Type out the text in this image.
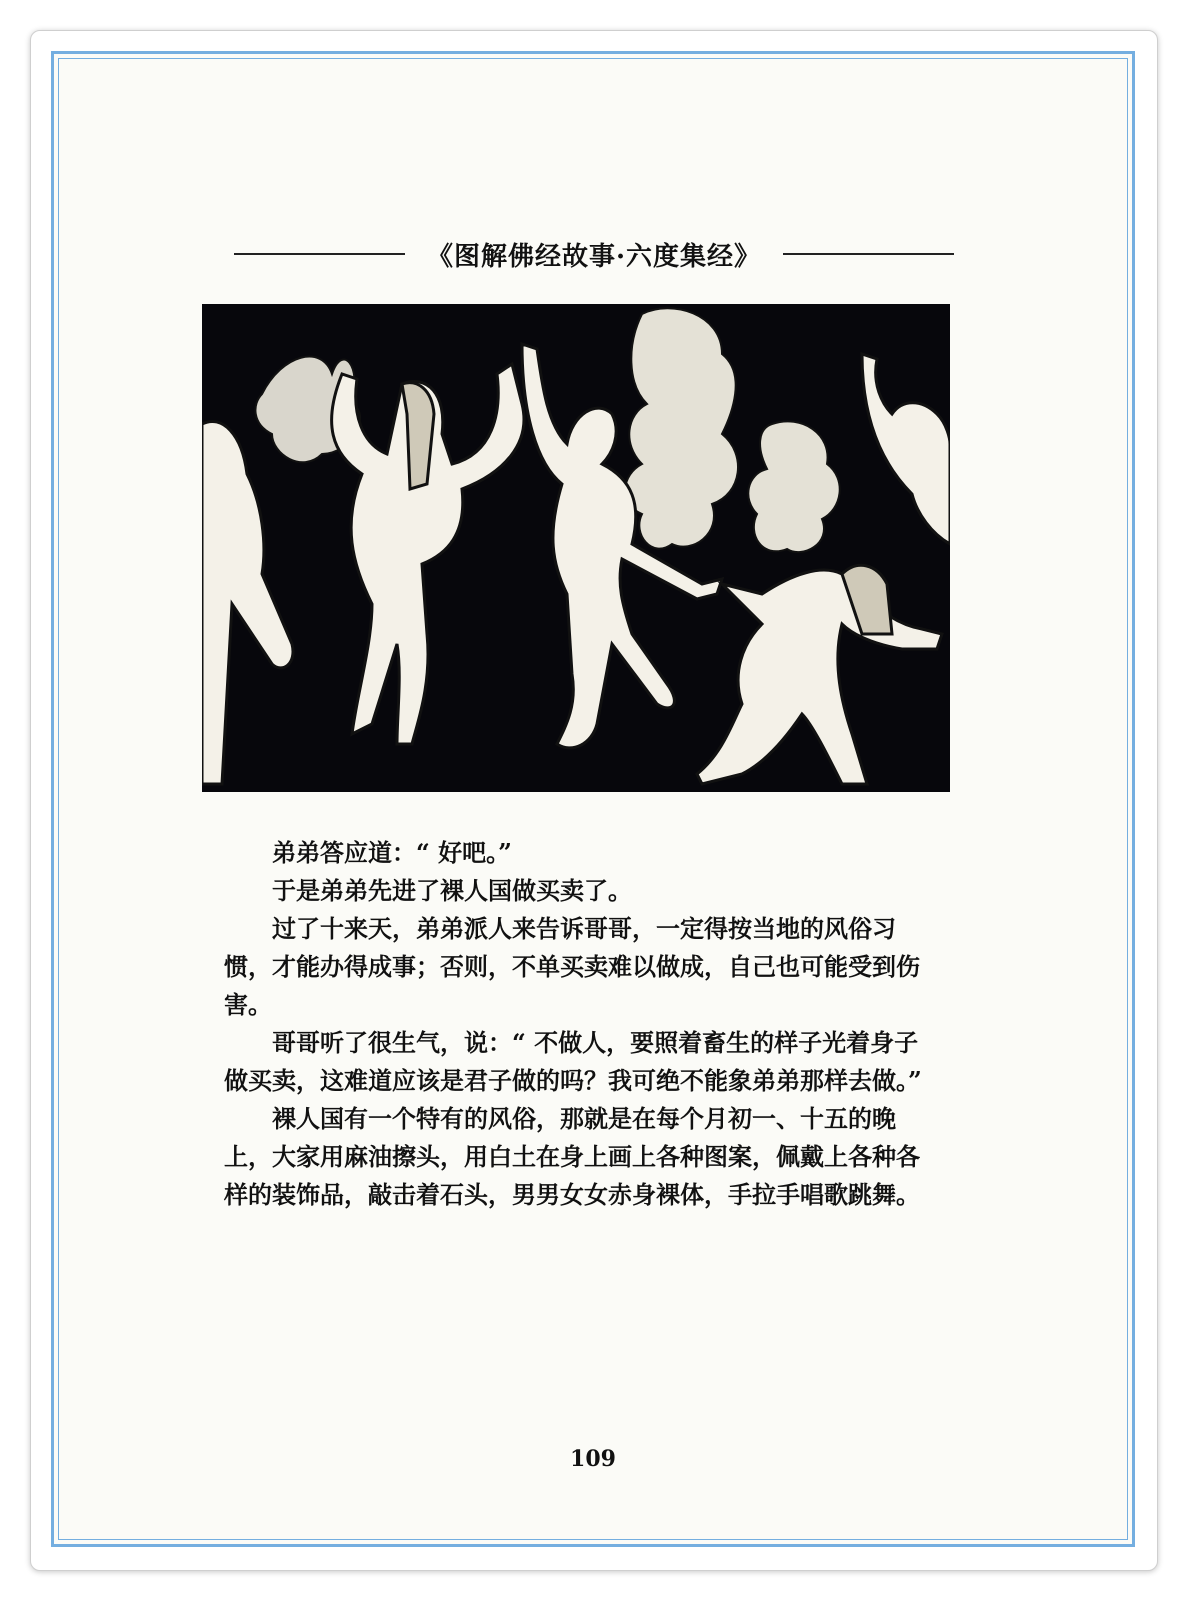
《图解佛经故事·六度集经》

弟弟答应道：“ 好吧。”

于是弟弟先进了裸人国做买卖了。

过了十来天，弟弟派人来告诉哥哥，一定得按当地的风俗习惯，才能办得成事；否则，不单买卖难以做成，自己也可能受到伤害。

哥哥听了很生气，说：“ 不做人，要照着畜生的样子光着身子做买卖，这难道应该是君子做的吗？我可绝不能象弟弟那样去做。”

裸人国有一个特有的风俗，那就是在每个月初一、十五的晚上，大家用麻油擦头，用白土在身上画上各种图案，佩戴上各种各样的装饰品，敲击着石头，男男女女赤身裸体，手拉手唱歌跳舞。

109
